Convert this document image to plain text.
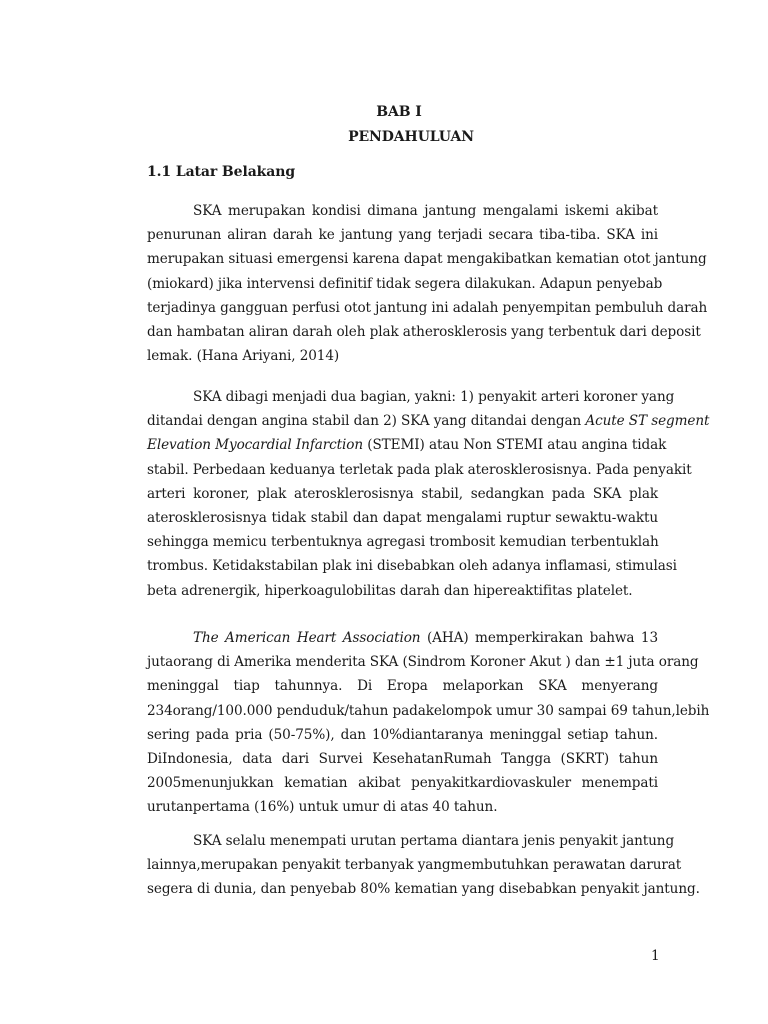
BAB I
PENDAHULUAN
1.1 Latar Belakang

SKA merupakan kondisi dimana jantung mengalami iskemi akibat
penurunan aliran darah ke jantung yang terjadi secara tiba-tiba. SKA ini
merupakan situasi emergensi karena dapat mengakibatkan kematian otot jantung
(miokard) jika intervensi definitif tidak segera dilakukan. Adapun penyebab
terjadinya gangguan perfusi otot jantung ini adalah penyempitan pembuluh darah
dan hambatan aliran darah oleh plak atherosklerosis yang terbentuk dari deposit
lemak. (Hana Ariyani, 2014)

SKA dibagi menjadi dua bagian, yakni: 1) penyakit arteri koroner yang
ditandai dengan angina stabil dan 2) SKA yang ditandai dengan Acute ST segment
Elevation Myocardial Infarction (STEMI) atau Non STEMI atau angina tidak
stabil. Perbedaan keduanya terletak pada plak aterosklerosisnya. Pada penyakit
arteri koroner, plak aterosklerosisnya stabil, sedangkan pada SKA plak
aterosklerosisnya tidak stabil dan dapat mengalami ruptur sewaktu-waktu
sehingga memicu terbentuknya agregasi trombosit kemudian terbentuklah
trombus. Ketidakstabilan plak ini disebabkan oleh adanya inflamasi, stimulasi
beta adrenergik, hiperkoagulobilitas darah dan hipereaktifitas platelet.

The American Heart Association (AHA) memperkirakan bahwa 13
jutaorang di Amerika menderita SKA (Sindrom Koroner Akut ) dan ±1 juta orang
meninggal tiap tahunnya. Di Eropa melaporkan SKA menyerang
234orang/100.000 penduduk/tahun padakelompok umur 30 sampai 69 tahun,lebih
sering pada pria (50-75%), dan 10%diantaranya meninggal setiap tahun.
DiIndonesia, data dari Survei KesehatanRumah Tangga (SKRT) tahun
2005menunjukkan kematian akibat penyakitkardiovaskuler menempati
urutanpertama (16%) untuk umur di atas 40 tahun.

SKA selalu menempati urutan pertama diantara jenis penyakit jantung
lainnya,merupakan penyakit terbanyak yangmembutuhkan perawatan darurat
segera di dunia, dan penyebab 80% kematian yang disebabkan penyakit jantung.

1
